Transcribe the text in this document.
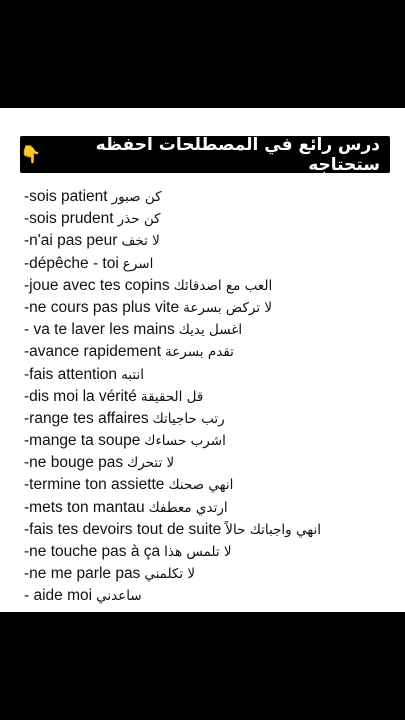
درس رائع في المصطلحات احفظه ستحتاجه
👇
-sois patient كن صبور
-sois prudent كن حذر
-n'ai pas peur لا تخف
-dépêche - toi اسرع
-joue avec tes copins العب مع اصدقائك
-ne cours pas plus vite لا تركض بسرعة
- va te laver les mains اغسل يديك
-avance rapidement تقدم بسرعة
-fais attention انتبه
-dis moi la vérité قل الحقيقة
-range tes affaires رتب حاجياتك
-mange ta soupe اشرب حساءك
-ne bouge pas لا تتحرك
-termine ton assiette انهي صحنك
-mets ton mantau ارتدي معطفك
-fais tes devoirs tout de suite انهي واجباتك حالاً
-ne touche pas à ça لا تلمس هذا
-ne me parle pas لا تكلمني
- aide moi ساعدني
